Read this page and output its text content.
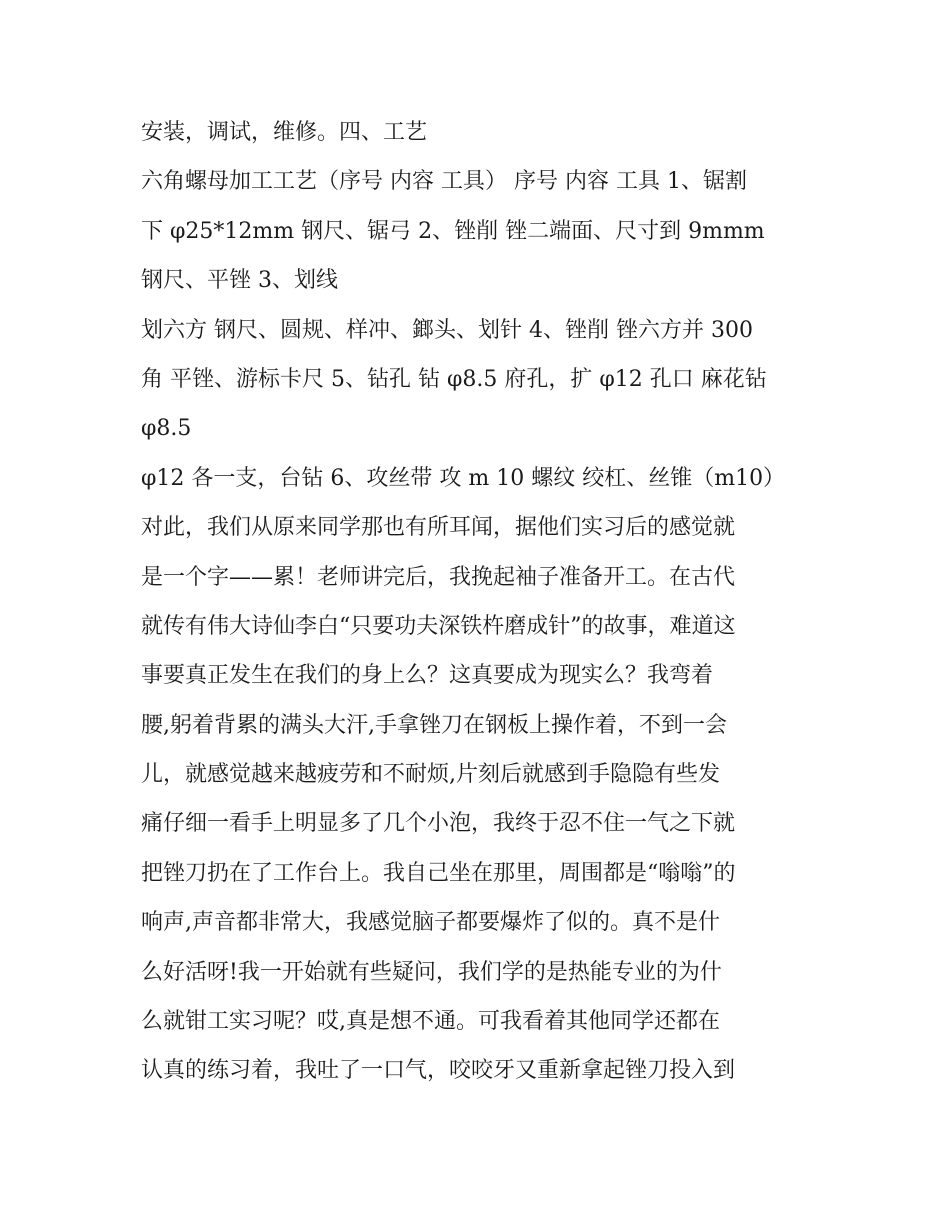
安装，调试，维修。四、工艺
六角螺母加工工艺（序号 内容 工具） 序号 内容 工具 1、锯割
下 φ25*12mm 钢尺、锯弓 2、锉削 锉二端面、尺寸到 9mmm
钢尺、平锉 3、划线
划六方 钢尺、圆规、样冲、鎯头、划针 4、锉削 锉六方并 300
角 平锉、游标卡尺 5、钻孔 钻 φ8.5 府孔，扩 φ12 孔口 麻花钻
φ8.5
φ12 各一支，台钻 6、攻丝带 攻 m 10 螺纹 绞杠、丝锥（m10）
对此，我们从原来同学那也有所耳闻，据他们实习后的感觉就
是一个字——累！老师讲完后，我挽起袖子准备开工。在古代
就传有伟大诗仙李白“只要功夫深铁杵磨成针”的故事，难道这
事要真正发生在我们的身上么？这真要成为现实么？我弯着
腰,躬着背累的满头大汗,手拿锉刀在钢板上操作着，不到一会
儿，就感觉越来越疲劳和不耐烦,片刻后就感到手隐隐有些发
痛仔细一看手上明显多了几个小泡，我终于忍不住一气之下就
把锉刀扔在了工作台上。我自己坐在那里，周围都是“嗡嗡”的
响声,声音都非常大，我感觉脑子都要爆炸了似的。真不是什
么好活呀!我一开始就有些疑问，我们学的是热能专业的为什
么就钳工实习呢？哎,真是想不通。可我看着其他同学还都在
认真的练习着，我吐了一口气，咬咬牙又重新拿起锉刀投入到
